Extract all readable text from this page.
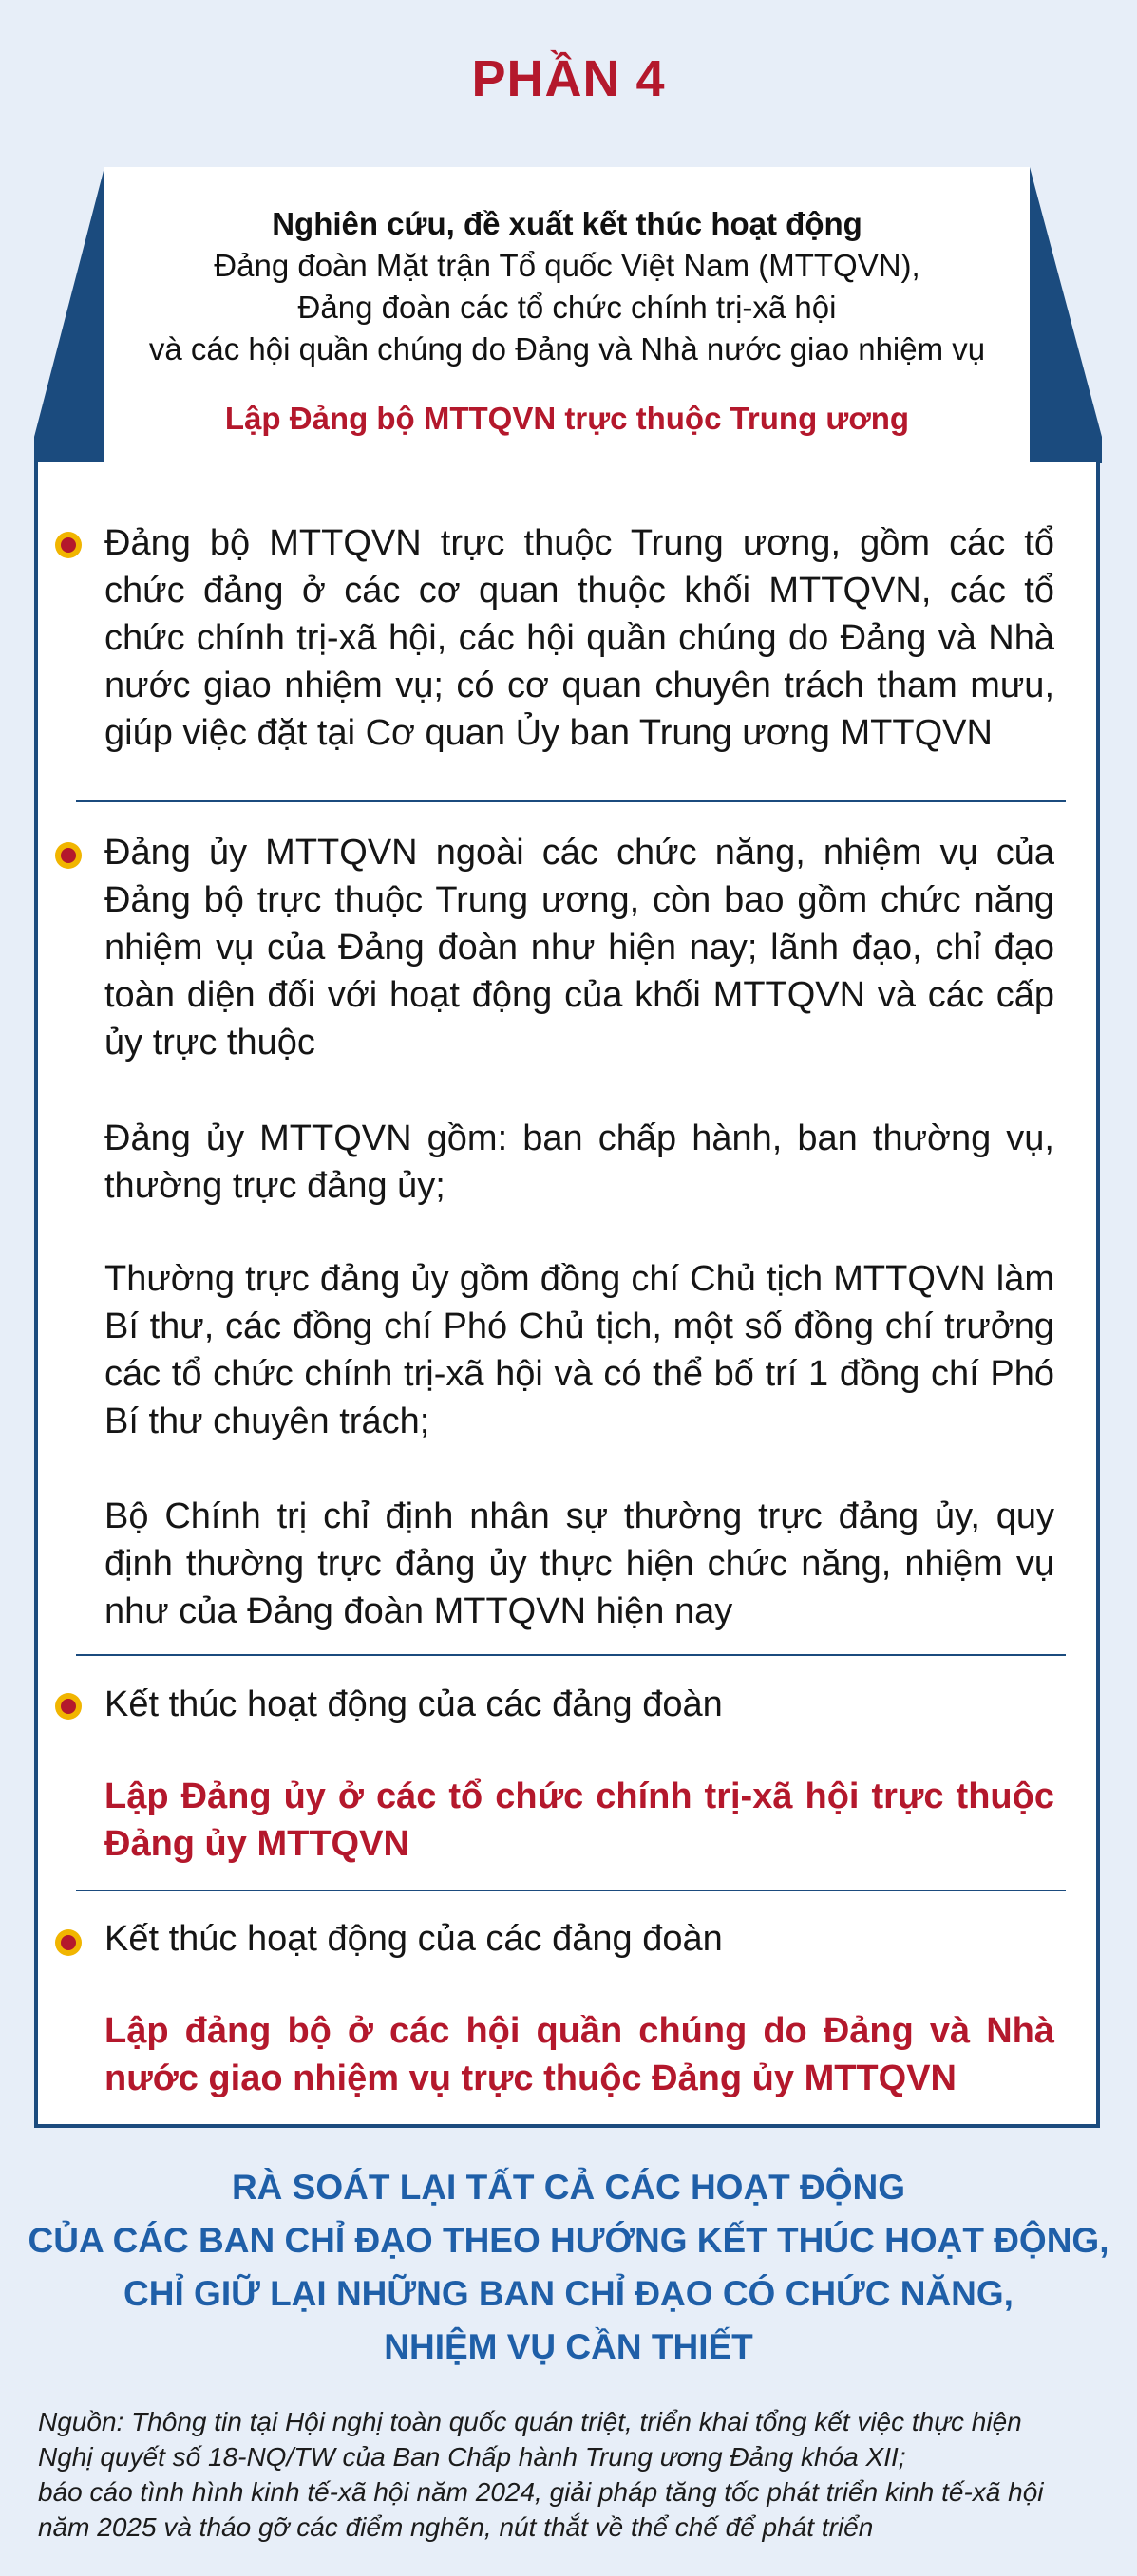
PHẦN 4
Nghiên cứu, đề xuất kết thúc hoạt động
Đảng đoàn Mặt trận Tổ quốc Việt Nam (MTTQVN),
Đảng đoàn các tổ chức chính trị-xã hội
và các hội quần chúng do Đảng và Nhà nước giao nhiệm vụ
Lập Đảng bộ MTTQVN trực thuộc Trung ương
Đảng bộ MTTQVN trực thuộc Trung ương, gồm các tổ chức đảng ở các cơ quan thuộc khối MTTQVN, các tổ chức chính trị-xã hội, các hội quần chúng do Đảng và Nhà nước giao nhiệm vụ; có cơ quan chuyên trách tham mưu, giúp việc đặt tại Cơ quan Ủy ban Trung ương MTTQVN
Đảng ủy MTTQVN ngoài các chức năng, nhiệm vụ của Đảng bộ trực thuộc Trung ương, còn bao gồm chức năng nhiệm vụ của Đảng đoàn như hiện nay; lãnh đạo, chỉ đạo toàn diện đối với hoạt động của khối MTTQVN và các cấp ủy trực thuộc
Đảng ủy MTTQVN gồm: ban chấp hành, ban thường vụ, thường trực đảng ủy;
Thường trực đảng ủy gồm đồng chí Chủ tịch MTTQVN làm Bí thư, các đồng chí Phó Chủ tịch, một số đồng chí trưởng các tổ chức chính trị-xã hội và có thể bố trí 1 đồng chí Phó Bí thư chuyên trách;
Bộ Chính trị chỉ định nhân sự thường trực đảng ủy, quy định thường trực đảng ủy thực hiện chức năng, nhiệm vụ như của Đảng đoàn MTTQVN hiện nay
Kết thúc hoạt động của các đảng đoàn
Lập Đảng ủy ở các tổ chức chính trị-xã hội trực thuộc Đảng ủy MTTQVN
Kết thúc hoạt động của các đảng đoàn
Lập đảng bộ ở các hội quần chúng do Đảng và Nhà nước giao nhiệm vụ trực thuộc Đảng ủy MTTQVN
RÀ SOÁT LẠI TẤT CẢ CÁC HOẠT ĐỘNG
CỦA CÁC BAN CHỈ ĐẠO THEO HƯỚNG KẾT THÚC HOẠT ĐỘNG,
CHỈ GIỮ LẠI NHỮNG BAN CHỈ ĐẠO CÓ CHỨC NĂNG,
NHIỆM VỤ CẦN THIẾT
Nguồn: Thông tin tại Hội nghị toàn quốc quán triệt, triển khai tổng kết việc thực hiện
Nghị quyết số 18-NQ/TW của Ban Chấp hành Trung ương Đảng khóa XII;
báo cáo tình hình kinh tế-xã hội năm 2024, giải pháp tăng tốc phát triển kinh tế-xã hội
năm 2025 và tháo gỡ các điểm nghẽn, nút thắt về thể chế để phát triển
